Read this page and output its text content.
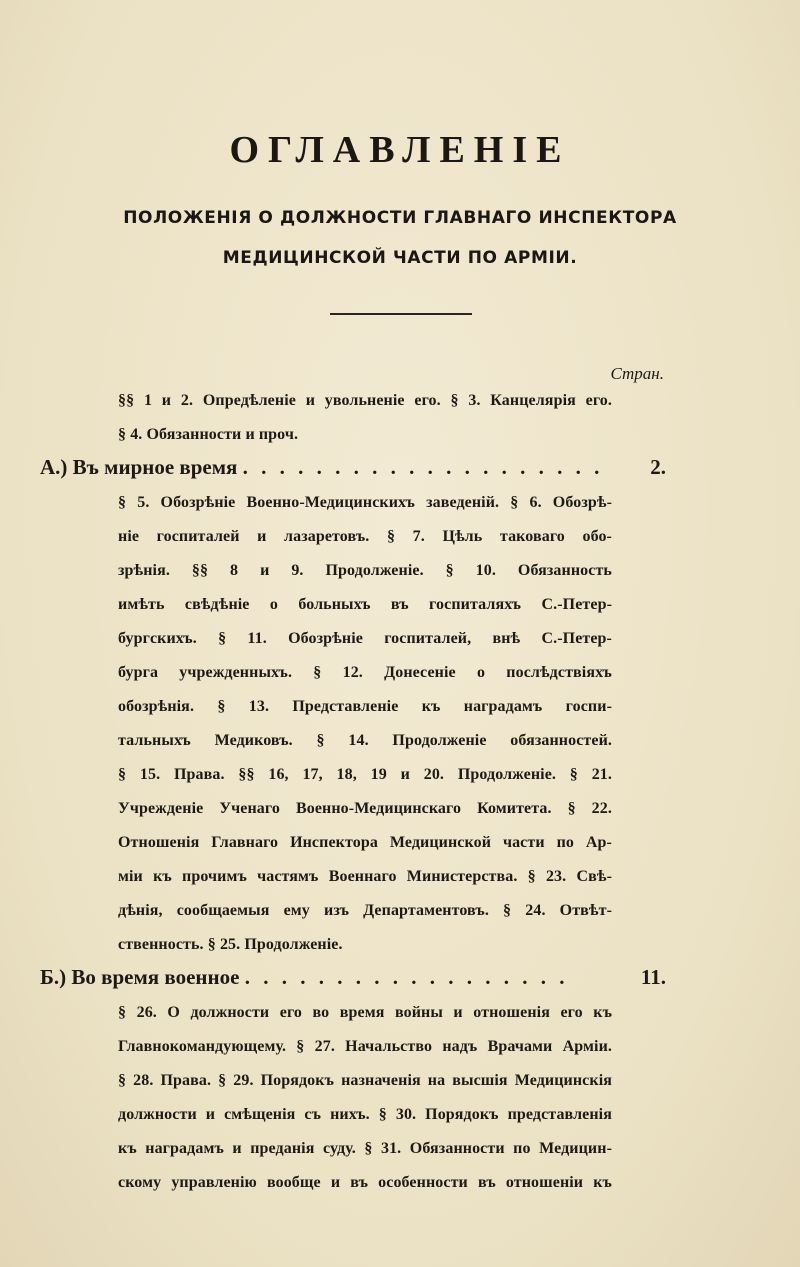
ОГЛАВЛЕНІЕ
ПОЛОЖЕНІЯ О ДОЛЖНОСТИ ГЛАВНАГО ИНСПЕКТОРА
МЕДИЦИНСКОЙ ЧАСТИ ПО АРМІИ.
Стран.
§§ 1 и 2. Опредѣленіе и увольненіе его. § 3. Канцелярія его.
§ 4. Обязанности и проч.
А.) Въ мирное время . . . . . . . . . . . . . . . . . . . . 2.
§ 5. Обозрѣніе Военно-Медицинскихъ заведеній. § 6. Обозрѣ-
ніе госпиталей и лазаретовъ. § 7. Цѣль таковаго обо-
зрѣнія. §§ 8 и 9. Продолженіе. § 10. Обязанность
имѣть свѣдѣніе о больныхъ въ госпиталяхъ С.-Петер-
бургскихъ. § 11. Обозрѣніе госпиталей, внѣ С.-Петер-
бурга учрежденныхъ. § 12. Донесеніе о послѣдствіяхъ
обозрѣнія. § 13. Представленіе къ наградамъ госпи-
тальныхъ Медиковъ. § 14. Продолженіе обязанностей.
§ 15. Права. §§ 16, 17, 18, 19 и 20. Продолженіе. § 21.
Учрежденіе Ученаго Военно-Медицинскаго Комитета. § 22.
Отношенія Главнаго Инспектора Медицинской части по Ар-
міи къ прочимъ частямъ Военнаго Министерства. § 23. Свѣ-
дѣнія, сообщаемыя ему изъ Департаментовъ. § 24. Отвѣт-
ственность. § 25. Продолженіе.
Б.) Во время военное . . . . . . . . . . . . . . . . . .	11.
§ 26. О должности его во время войны и отношенія его къ
Главнокомандующему. § 27. Начальство надъ Врачами Арміи.
§ 28. Права. § 29. Порядокъ назначенія на высшія Медицинскія
должности и смѣщенія съ нихъ. § 30. Порядокъ представленія
къ наградамъ и преданія суду. § 31. Обязанности по Медицин-
скому управленію вообще и въ особенности въ отношеніи къ
